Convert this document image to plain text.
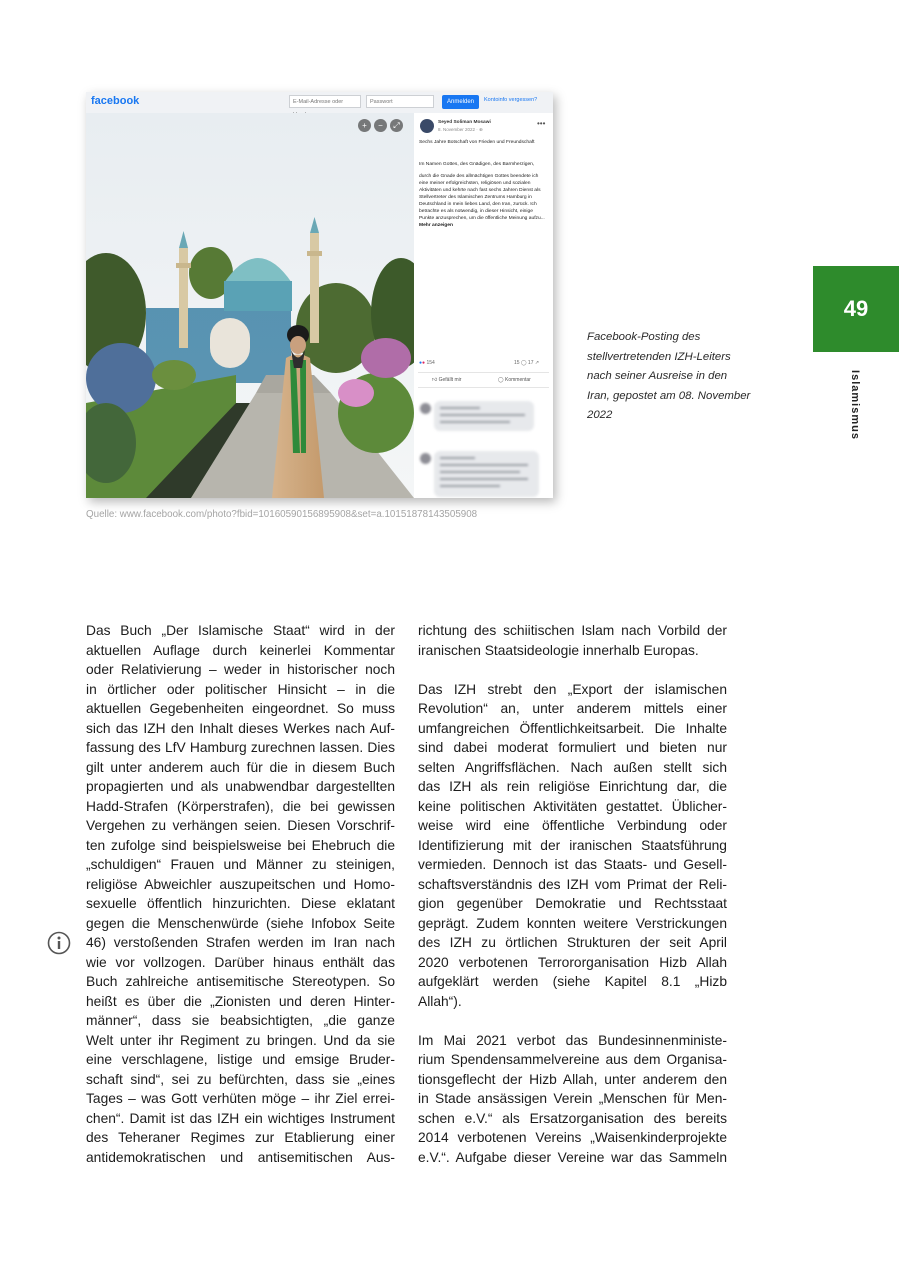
facebook	E-Mail-Adresse oder	Passwort	Anmelden	Kontoinfo vergessen?
+	−	⤢	Seyed Soliman Mosawi
8. November 2022 · ⊕
•••
Sechs Jahre Botschaft von Frieden und Freundschaft

Im Namen Gottes, des Gnädigen, des Barmherzigen,

durch die Gnade des allmächtigen Gottes beendete ich eine meiner erfolgreichsten, religiösen und sozialen Aktivitäten und kehrte nach fast sechs Jahren Dienst als Stellvertreter des Islamischen Zentrums Hamburg in Deutschland in mein liebes Land, den Iran, zurück. Ich betrachte es als notwendig, in dieser Hinsicht, einige Punkte anzusprechen, um die öffentliche Meinung aufzu... Mehr anzeigen

●● 154	15 ◯ 17 ↗
👍︎ Gefällt mir	◯ Kommentar
Quelle: www.facebook.com/photo?fbid=10160590156895908&set=a.10151878143505908
Facebook-Posting des stellvertretenden IZH-Leiters nach seiner Ausreise in den Iran, gepostet am 08. November 2022
49
Islamismus
Das Buch „Der Islamische Staat“ wird in der
aktuellen Auflage durch keinerlei Kommentar
oder Relativierung – weder in historischer noch
in örtlicher oder politischer Hinsicht – in die
aktuellen Gegebenheiten eingeordnet. So muss
sich das IZH den Inhalt dieses Werkes nach Auf-
fassung des LfV Hamburg zurechnen lassen. Dies
gilt unter anderem auch für die in diesem Buch
propagierten und als unabwendbar dargestellten
Hadd-Strafen (Körperstrafen), die bei gewissen
Vergehen zu verhängen seien. Diesen Vorschrif-
ten zufolge sind beispielsweise bei Ehebruch die
„schuldigen“ Frauen und Männer zu steinigen,
religiöse Abweichler auszupeitschen und Homo-
sexuelle öffentlich hinzurichten. Diese eklatant
gegen die Menschenwürde (siehe Infobox Seite
46) verstoßenden Strafen werden im Iran nach
wie vor vollzogen. Darüber hinaus enthält das
Buch zahlreiche antisemitische Stereotypen. So
heißt es über die „Zionisten und deren Hinter-
männer“, dass sie beabsichtigten, „die ganze
Welt unter ihr Regiment zu bringen. Und da sie
eine verschlagene, listige und emsige Bruder-
schaft sind“, sei zu befürchten, dass sie „eines
Tages – was Gott verhüten möge – ihr Ziel errei-
chen“. Damit ist das IZH ein wichtiges Instrument
des Teheraner Regimes zur Etablierung einer
antidemokratischen und antisemitischen Aus-
richtung des schiitischen Islam nach Vorbild der
iranischen Staatsideologie innerhalb Europas.
Das IZH strebt den „Export der islamischen
Revolution“ an, unter anderem mittels einer
umfangreichen Öffentlichkeitsarbeit. Die Inhalte
sind dabei moderat formuliert und bieten nur
selten Angriffsflächen. Nach außen stellt sich
das IZH als rein religiöse Einrichtung dar, die
keine politischen Aktivitäten gestattet. Üblicher-
weise wird eine öffentliche Verbindung oder
Identifizierung mit der iranischen Staatsführung
vermieden. Dennoch ist das Staats- und Gesell-
schaftsverständnis des IZH vom Primat der Reli-
gion gegenüber Demokratie und Rechtsstaat
geprägt. Zudem konnten weitere Verstrickungen
des IZH zu örtlichen Strukturen der seit April
2020 verbotenen Terrororganisation Hizb Allah
aufgeklärt werden (siehe Kapitel 8.1 „Hizb
Allah“).
Im Mai 2021 verbot das Bundesinnenministe-
rium Spendensammelvereine aus dem Organisa-
tionsgeflecht der Hizb Allah, unter anderem den
in Stade ansässigen Verein „Menschen für Men-
schen e.V.“ als Ersatzorganisation des bereits
2014 verbotenen Vereins „Waisenkinderprojekte
e.V.“. Aufgabe dieser Vereine war das Sammeln
